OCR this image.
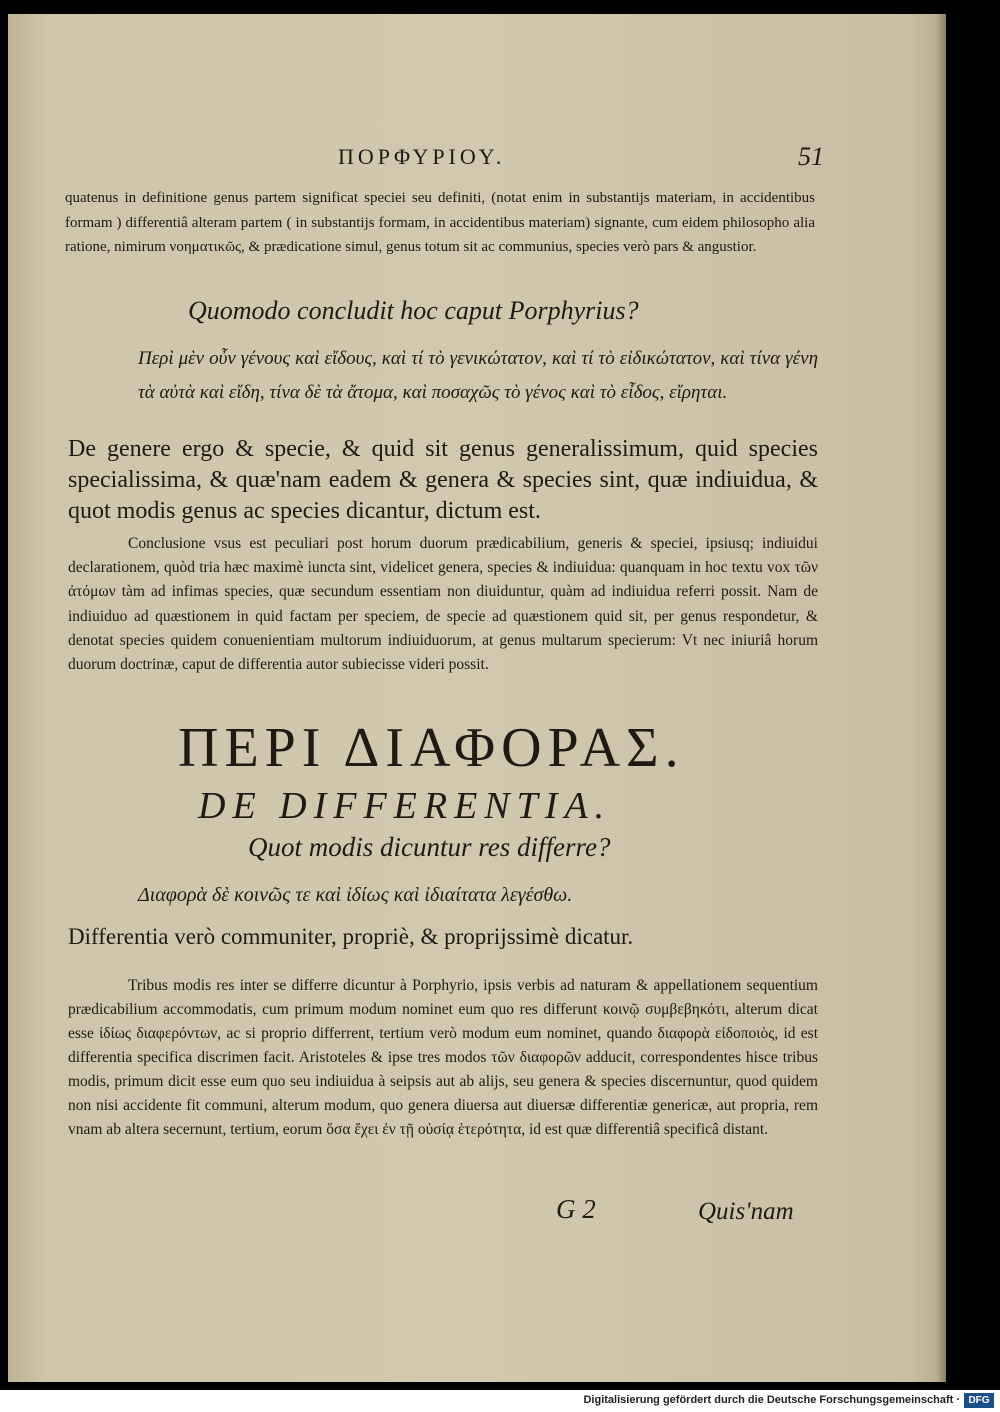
ΠΟΡΦΥΡΙΟΥ.	51

quatenus in definitione genus partem significat speciei seu definiti, (notat enim in substantijs materiam, in accidentibus formam ) differentiâ alteram partem ( in substantijs formam, in accidentibus materiam) signante, cum eidem philosopho alia ratione, nimirum νοηματικῶς, & prædicatione simul, genus totum sit ac communius, species verò pars & angustior.

Quomodo concludit hoc caput Porphyrius?

Περὶ μὲν οὖν γένους καὶ εἴδους, καὶ τί τὸ γενικώτατον, καὶ τί τὸ εἰδικώτατον, καὶ τίνα γένη τὰ αὐτὰ καὶ εἴδη, τίνα δὲ τὰ ἄτομα, καὶ ποσαχῶς τὸ γένος καὶ τὸ εἶδος, εἴρηται.

De genere ergo & specie, & quid sit genus generalissimum, quid species specialissima, & quæ'nam eadem & genera & species sint, quæ indiuidua, & quot modis genus ac species dicantur, dictum est.

Conclusione vsus est peculiari post horum duorum prædicabilium, generis & speciei, ipsiusq; indiuidui declarationem, quòd tria hæc maximè iuncta sint, videlicet genera, species & indiuidua: quanquam in hoc textu vox τῶν ἀτόμων tàm ad infimas species, quæ secundum essentiam non diuiduntur, quàm ad indiuidua referri possit. Nam de indiuiduo ad quæstionem in quid factam per speciem, de specie ad quæstionem quid sit, per genus respondetur, & denotat species quidem conuenientiam multorum indiuiduorum, at genus multarum specierum: Vt nec iniuriâ horum duorum doctrinæ, caput de differentia autor subiecisse videri possit.

ΠΕΡΙ ΔΙΑΦΟΡΑΣ.
DE DIFFERENTIA.
Quot modis dicuntur res differre?
Διαφορὰ δὲ κοινῶς τε καὶ ἰδίως καὶ ἰδιαίτατα λεγέσθω.
Differentia verò communiter, propriè, & proprijssimè dicatur.

Tribus modis res inter se differre dicuntur à Porphyrio, ipsis verbis ad naturam & appellationem sequentium prædicabilium accommodatis, cum primum modum nominet eum quo res differunt κοινῷ συμβεβηκότι, alterum dicat esse ἰδίως διαφερόντων, ac si proprio differrent, tertium verò modum eum nominet, quando διαφορὰ εἰδοποιὸς, id est differentia specifica discrimen facit. Aristoteles & ipse tres modos τῶν διαφορῶν adducit, correspondentes hisce tribus modis, primum dicit esse eum quo seu indiuidua à seipsis aut ab alijs, seu genera & species discernuntur, quod quidem non nisi accidente fit communi, alterum modum, quo genera diuersa aut diuersæ differentiæ genericæ, aut propria, rem vnam ab altera secernunt, tertium, eorum ὅσα ἔχει ἐν τῇ οὐσίᾳ ἑτερότητα, id est quæ differentiâ specificâ distant.

G 2	Quis'nam
Digitalisierung gefördert durch die Deutsche Forschungsgemeinschaft · DFG
